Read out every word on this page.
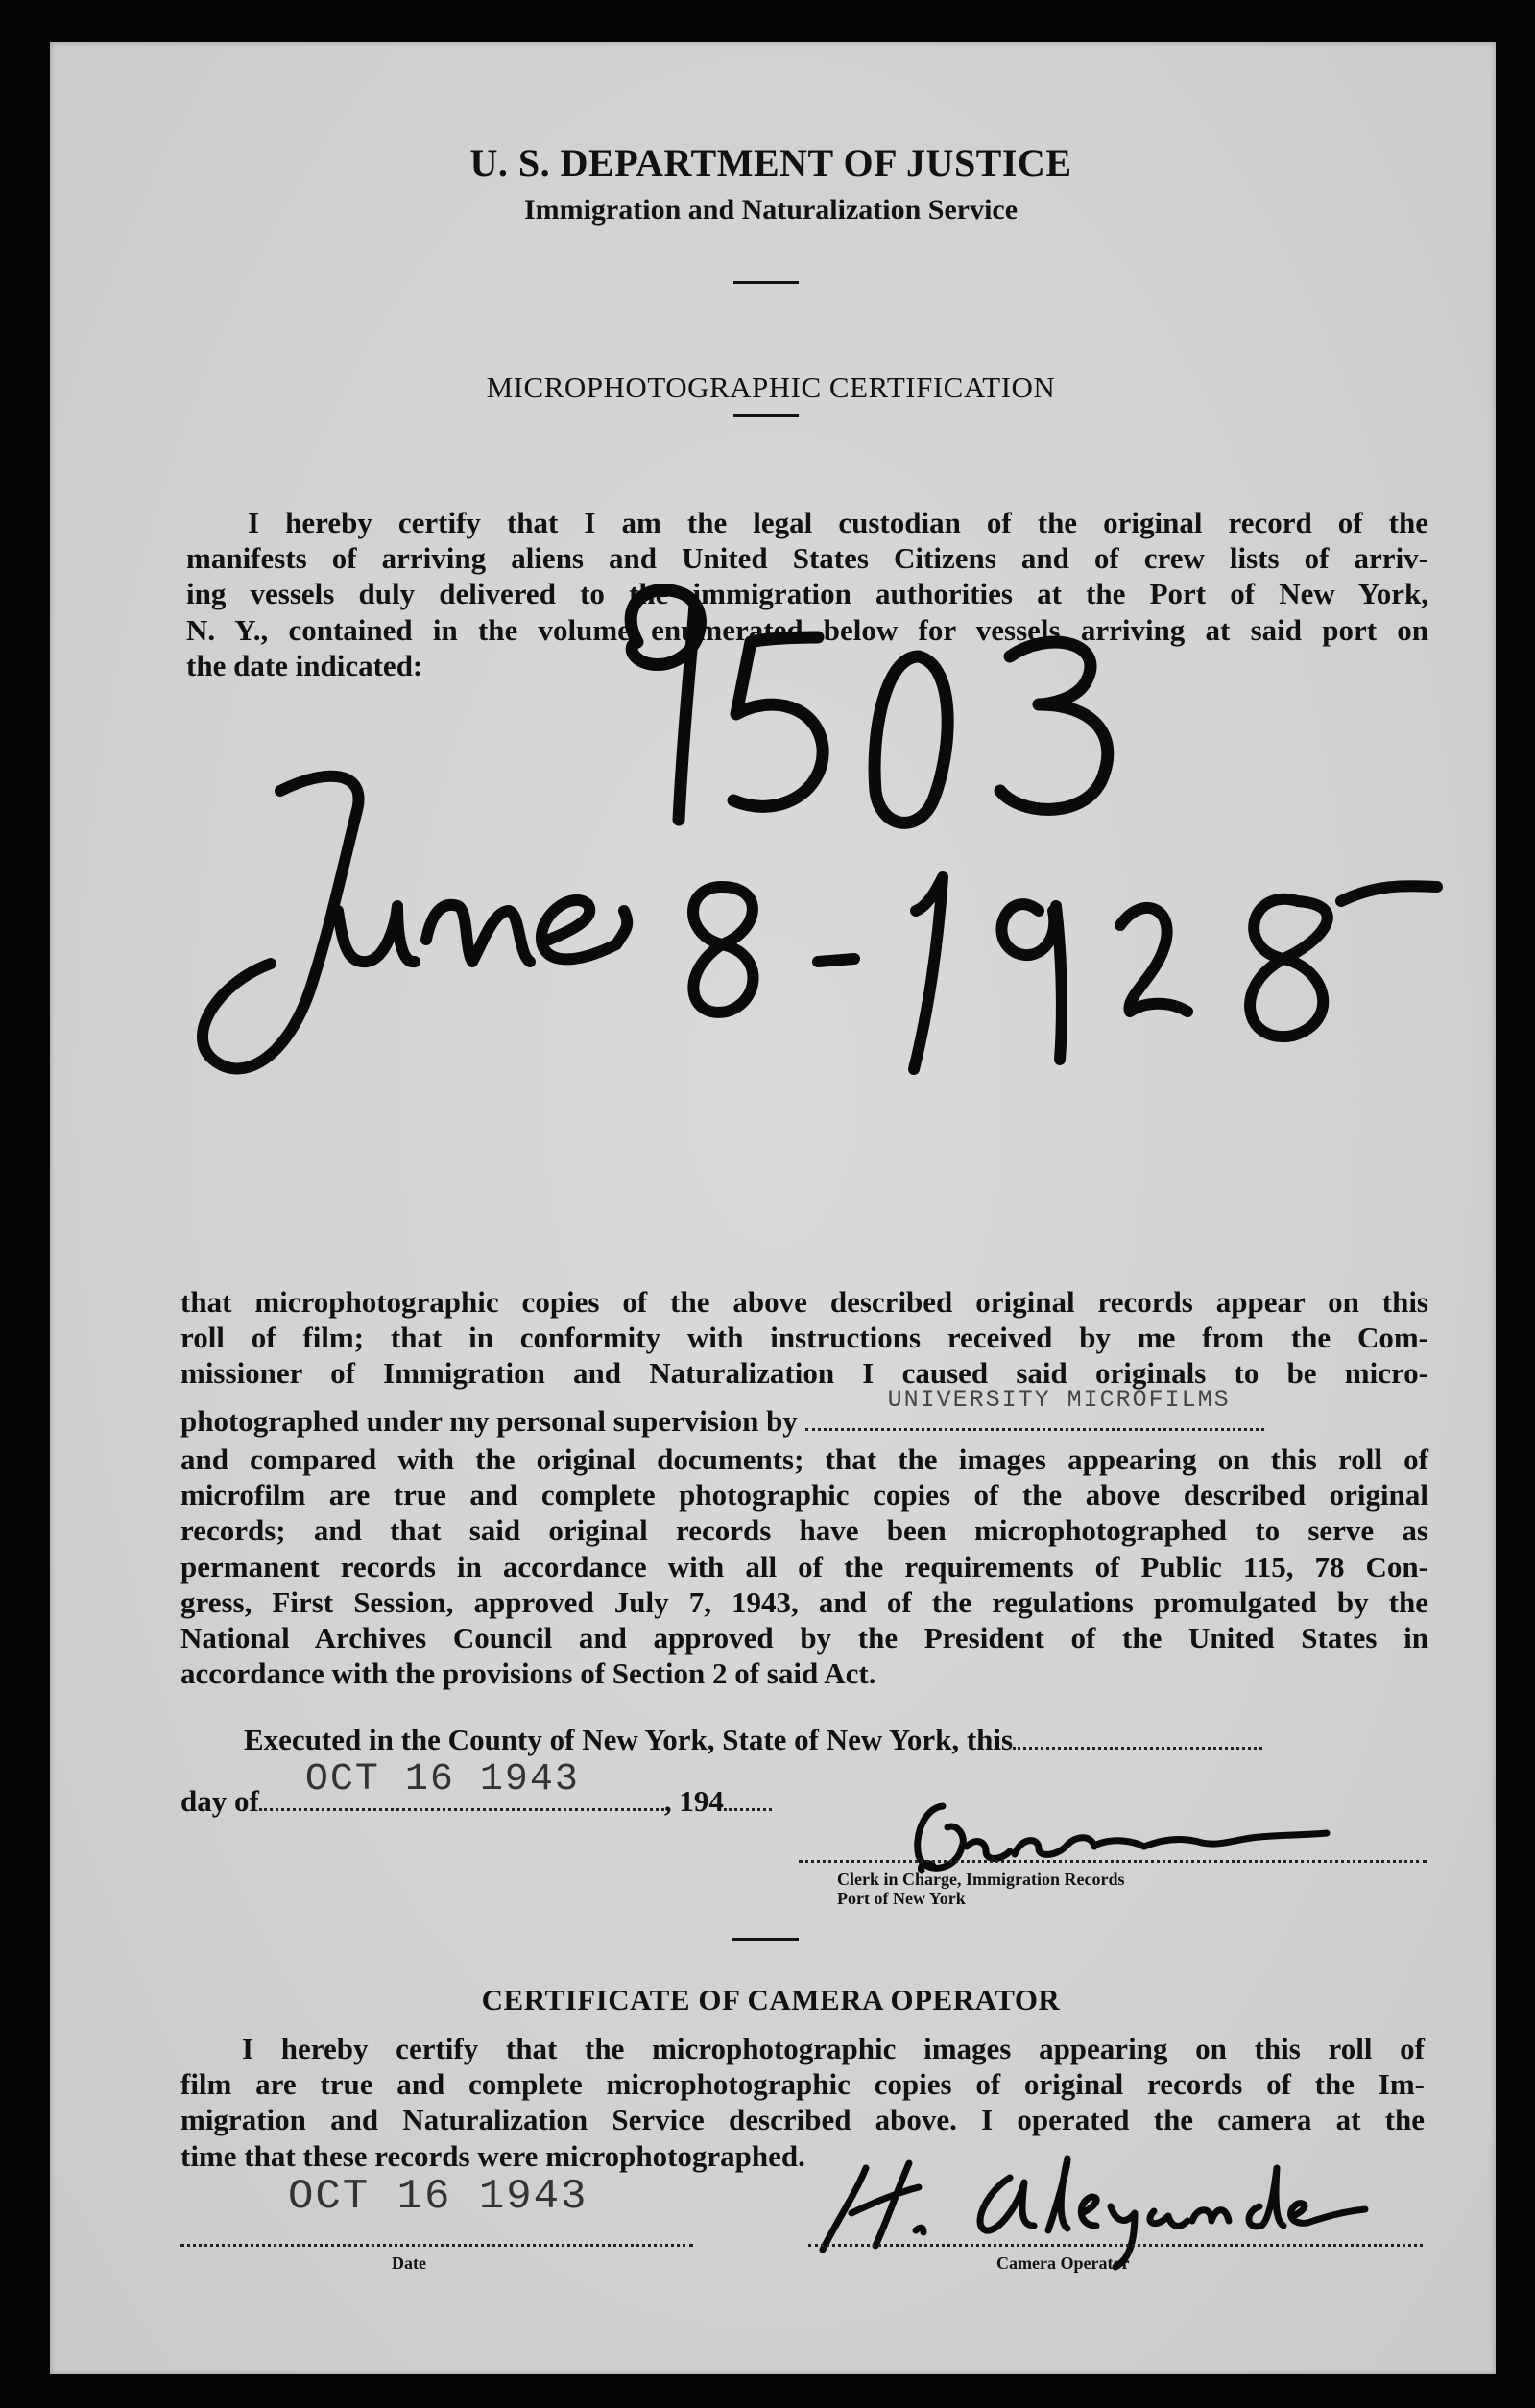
U. S. DEPARTMENT OF JUSTICE
Immigration and Naturalization Service
MICROPHOTOGRAPHIC CERTIFICATION
I hereby certify that I am the legal custodian of the original record of the
manifests of arriving aliens and United States Citizens and of crew lists of arriv-
ing vessels duly delivered to the immigration authorities at the Port of New York,
N. Y., contained in the volume enumerated below for vessels arriving at said port on
the date indicated:
that microphotographic copies of the above described original records appear on this
roll of film; that in conformity with instructions received by me from the Com-
missioner of Immigration and Naturalization I caused said originals to be micro-
photographed under my personal supervision by
UNIVERSITY MICROFILMS
and compared with the original documents; that the images appearing on this roll of
microfilm are true and complete photographic copies of the above described original
records; and that said original records have been microphotographed to serve as
permanent records in accordance with all of the requirements of Public 115, 78 Con-
gress, First Session, approved July 7, 1943, and of the regulations promulgated by the
National Archives Council and approved by the President of the United States in
accordance with the provisions of Section 2 of said Act.
Executed in the County of New York, State of New York, this
day of OCT 16 1943	, 194
Clerk in Charge, Immigration Records
Port of New York
CERTIFICATE OF CAMERA OPERATOR
I hereby certify that the microphotographic images appearing on this roll of
film are true and complete microphotographic copies of original records of the Im-
migration and Naturalization Service described above. I operated the camera at the
time that these records were microphotographed.
OCT 16 1943
Date	Camera Operator
